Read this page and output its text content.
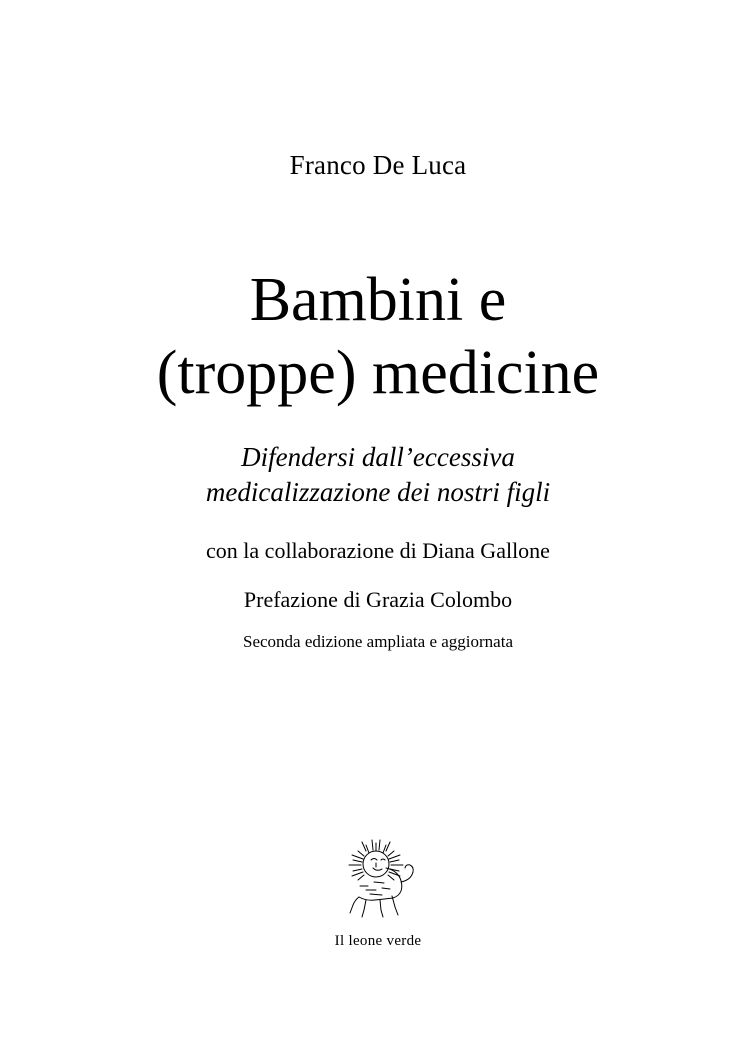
Franco De Luca
Bambini e
(troppe) medicine
Difendersi dall’eccessiva
medicalizzazione dei nostri figli
con la collaborazione di Diana Gallone
Prefazione di Grazia Colombo
Seconda edizione ampliata e aggiornata
Il leone verde
